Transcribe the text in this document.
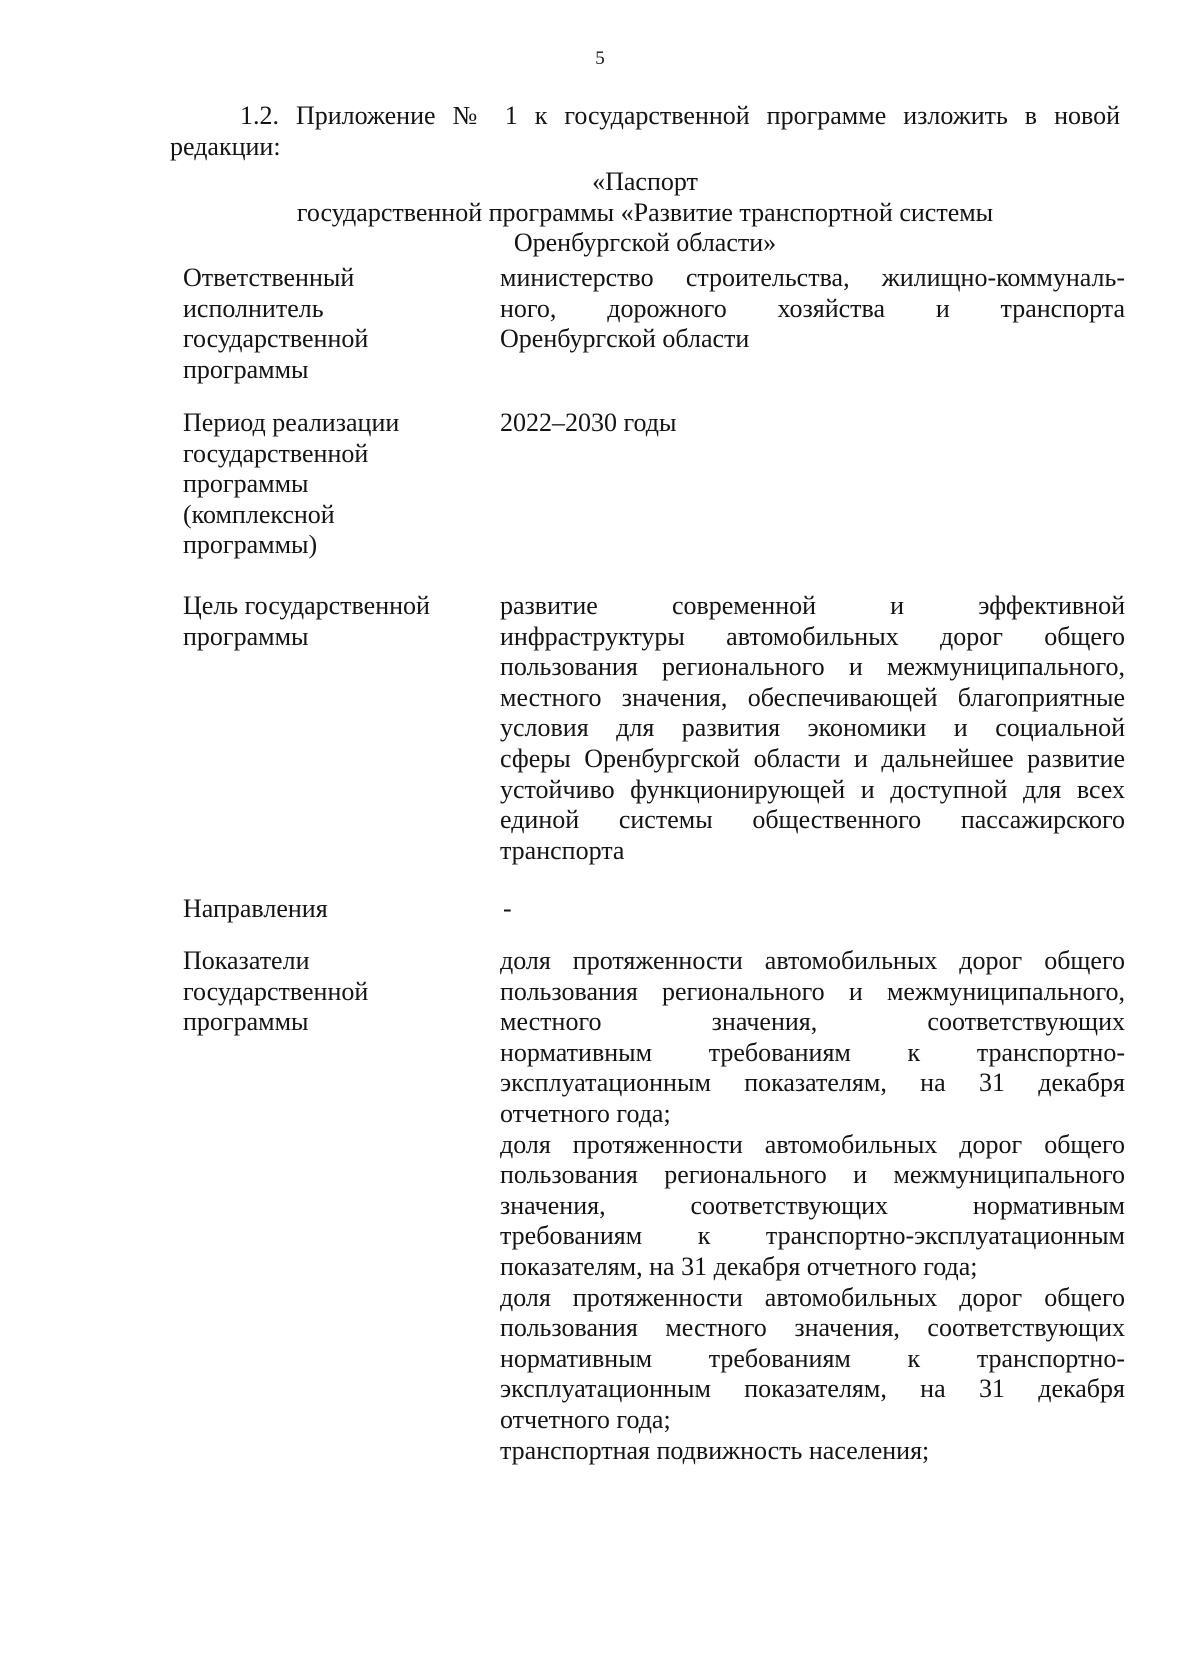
5

1.2. Приложение № 1 к государственной программе изложить в новой редакции:

«Паспорт
государственной программы «Развитие транспортной системы
Оренбургской области»
Ответственный
исполнитель
государственной
программы
министерство строительства, жилищно-коммуналь-
ного, дорожного хозяйства и транспорта
Оренбургской области
Период реализации
государственной
программы
(комплексной
программы)
2022–2030 годы
Цель государственной
программы
развитие современной и эффективной
инфраструктуры автомобильных дорог общего
пользования регионального и межмуниципального,
местного значения, обеспечивающей благоприятные
условия для развития экономики и социальной
сферы Оренбургской области и дальнейшее развитие
устойчиво функционирующей и доступной для всех
единой системы общественного пассажирского
транспорта
Направления	-
Показатели
государственной
программы
доля протяженности автомобильных дорог общего
пользования регионального и межмуниципального,
местного значения, соответствующих
нормативным требованиям к транспортно-
эксплуатационным показателям, на 31 декабря
отчетного года;
доля протяженности автомобильных дорог общего
пользования регионального и межмуниципального
значения, соответствующих нормативным
требованиям к транспортно-эксплуатационным
показателям, на 31 декабря отчетного года;
доля протяженности автомобильных дорог общего
пользования местного значения, соответствующих
нормативным требованиям к транспортно-
эксплуатационным показателям, на 31 декабря
отчетного года;
транспортная подвижность населения;
